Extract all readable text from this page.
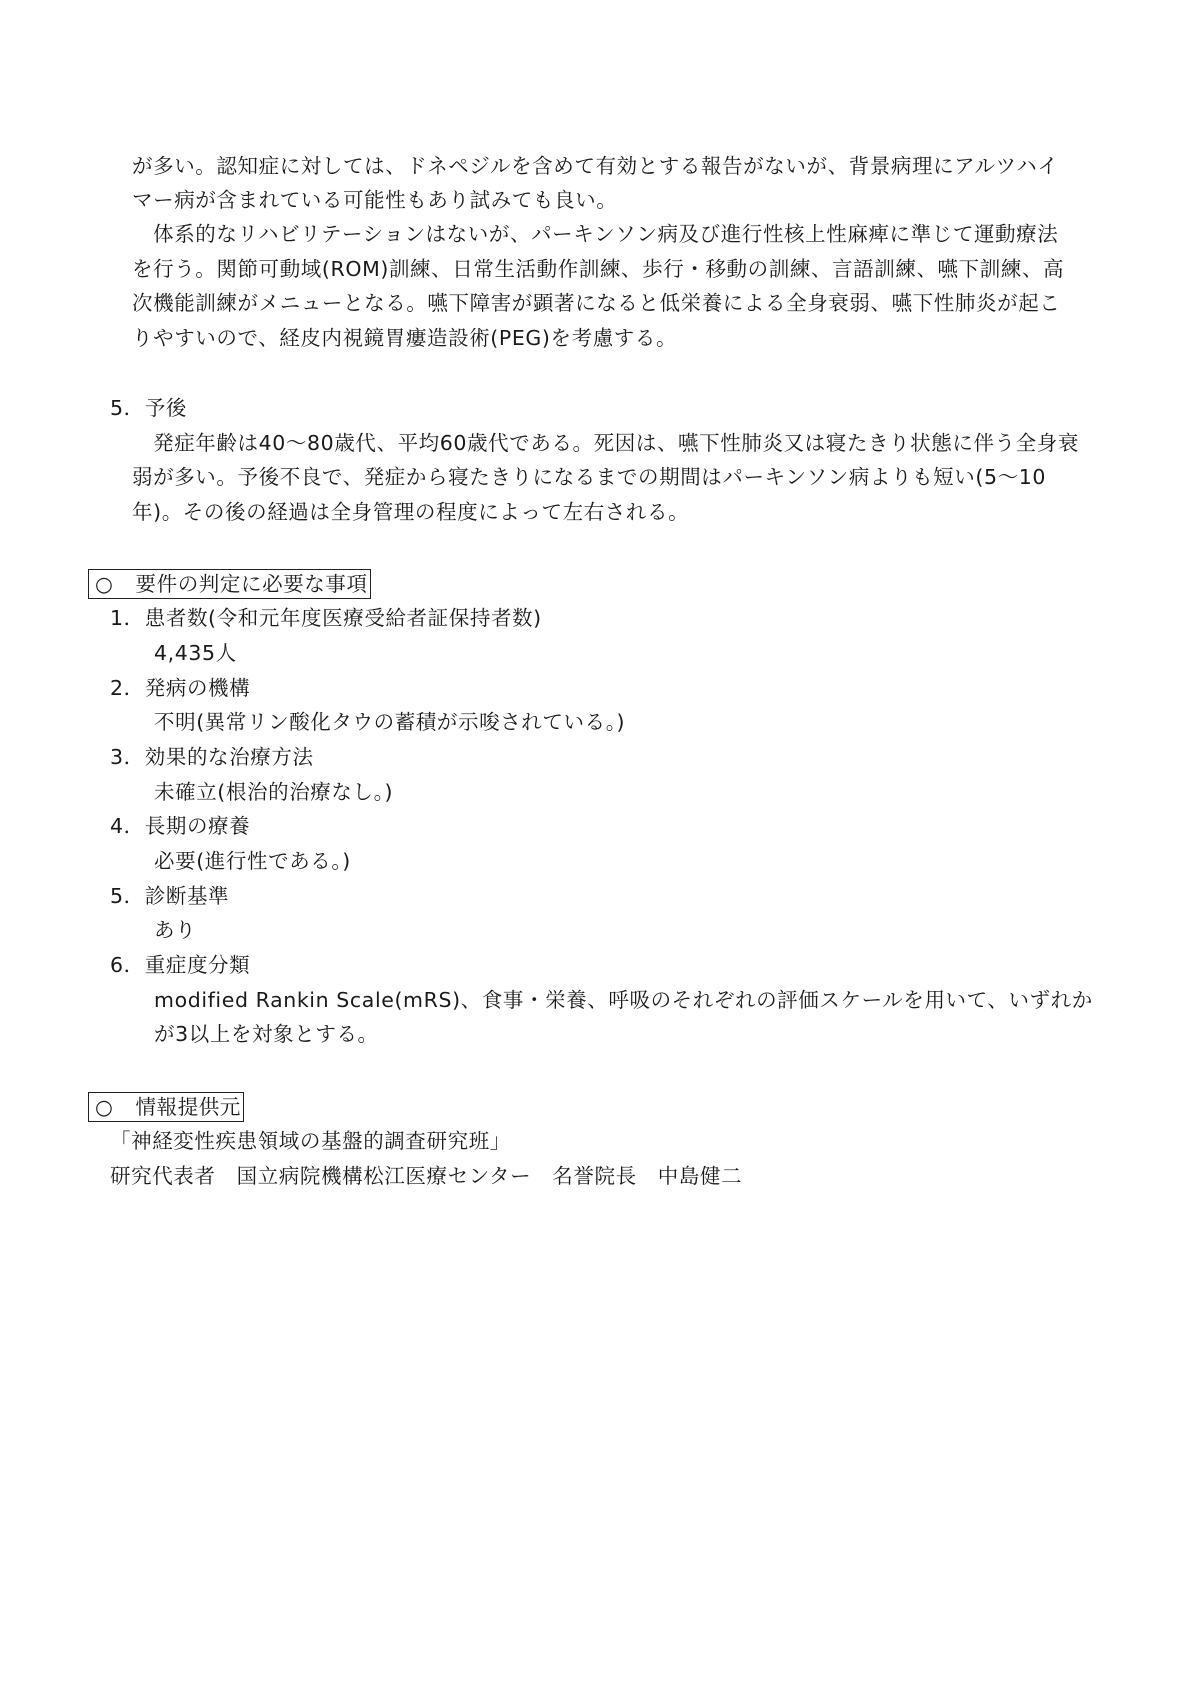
が多い。認知症に対しては、ドネペジルを含めて有効とする報告がないが、背景病理にアルツハイ
マー病が含まれている可能性もあり試みても良い。
　体系的なリハビリテーションはないが、パーキンソン病及び進行性核上性麻痺に準じて運動療法
を行う。関節可動域(ROM)訓練、日常生活動作訓練、歩行・移動の訓練、言語訓練、嚥下訓練、高
次機能訓練がメニューとなる。嚥下障害が顕著になると低栄養による全身衰弱、嚥下性肺炎が起こ
りやすいので、経皮内視鏡胃瘻造設術(PEG)を考慮する。
5．予後
　発症年齢は40～80歳代、平均60歳代である。死因は、嚥下性肺炎又は寝たきり状態に伴う全身衰
弱が多い。予後不良で、発症から寝たきりになるまでの期間はパーキンソン病よりも短い(5～10
年)。その後の経過は全身管理の程度によって左右される。
○ 要件の判定に必要な事項
1．患者数(令和元年度医療受給者証保持者数)
4,435人
2．発病の機構
不明(異常リン酸化タウの蓄積が示唆されている。)
3．効果的な治療方法
未確立(根治的治療なし。)
4．長期の療養
必要(進行性である。)
5．診断基準
あり
6．重症度分類
modified Rankin Scale(mRS)、食事・栄養、呼吸のそれぞれの評価スケールを用いて、いずれか
が3以上を対象とする。
○ 情報提供元
「神経変性疾患領域の基盤的調査研究班」
研究代表者　国立病院機構松江医療センター　名誉院長　中島健二
